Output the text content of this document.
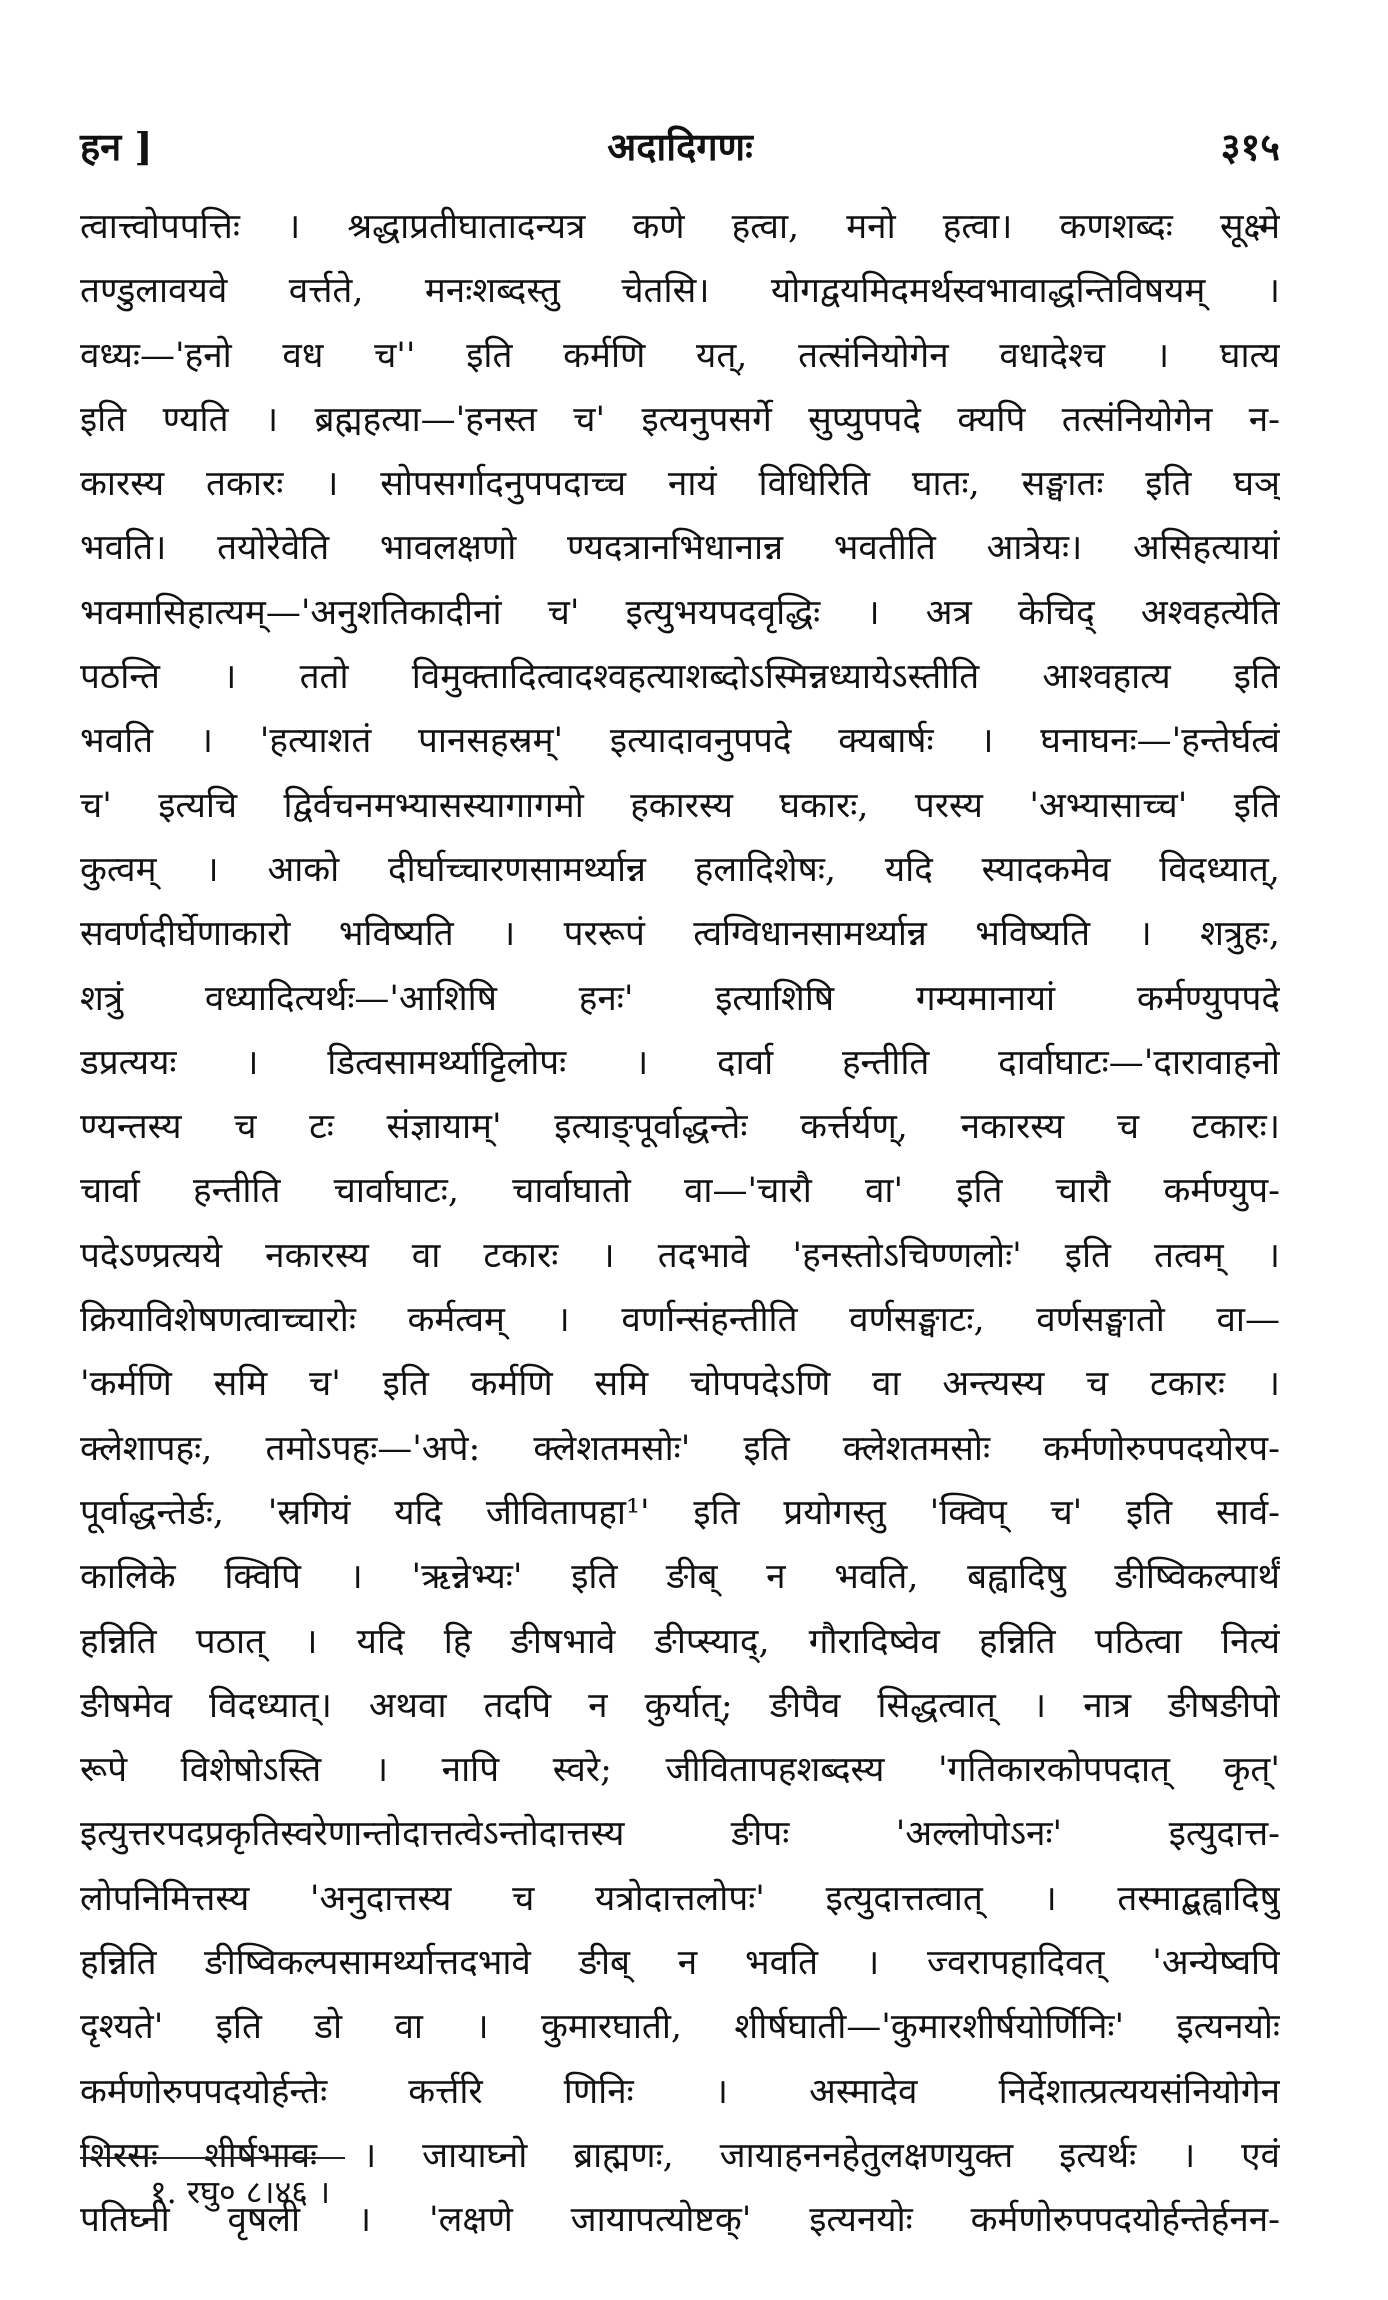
हन ]	अदादिगणः	३१५
त्वात्त्वोपपत्तिः । श्रद्धाप्रतीघातादन्यत्र कणे हत्वा, मनो हत्वा। कणशब्दः सूक्ष्मे
तण्डुलावयवे वर्त्तते, मनःशब्दस्तु चेतसि। योगद्वयमिदमर्थस्वभावाद्धन्तिविषयम् ।
वध्यः—'हनो वध च'' इति कर्मणि यत्, तत्संनियोगेन वधादेश्च । घात्य
इति ण्यति । ब्रह्महत्या—'हनस्त च' इत्यनुपसर्गे सुप्युपपदे क्यपि तत्संनियोगेन न-
कारस्य तकारः । सोपसर्गादनुपपदाच्च नायं विधिरिति घातः, सङ्घातः इति घञ्
भवति। तयोरेवेति भावलक्षणो ण्यदत्रानभिधानान्न भवतीति आत्रेयः। असिहत्यायां
भवमासिहात्यम्—'अनुशतिकादीनां च' इत्युभयपदवृद्धिः । अत्र केचिद् अश्वहत्येति
पठन्ति । ततो विमुक्तादित्वादश्वहत्याशब्दोऽस्मिन्नध्यायेऽस्तीति आश्वहात्य इति
भवति । 'हत्याशतं पानसहस्रम्' इत्यादावनुपपदे क्यबार्षः । घनाघनः—'हन्तेर्घत्वं
च' इत्यचि द्विर्वचनमभ्यासस्यागागमो हकारस्य घकारः, परस्य 'अभ्यासाच्च' इति
कुत्वम् । आको दीर्घाच्चारणसामर्थ्यान्न हलादिशेषः, यदि स्यादकमेव विदध्यात्,
सवर्णदीर्घेणाकारो भविष्यति । पररूपं त्वग्विधानसामर्थ्यान्न भविष्यति । शत्रुहः,
शत्रुं वध्यादित्यर्थः—'आशिषि हनः' इत्याशिषि गम्यमानायां कर्मण्युपपदे
डप्रत्ययः । डित्वसामर्थ्याट्टिलोपः । दार्वा हन्तीति दार्वाघाटः—'दारावाहनो
ण्यन्तस्य च टः संज्ञायाम्' इत्याङ्पूर्वाद्धन्तेः कर्त्तर्यण्, नकारस्य च टकारः।
चार्वा हन्तीति चार्वाघाटः, चार्वाघातो वा—'चारौ वा' इति चारौ कर्मण्युप-
पदेऽण्प्रत्यये नकारस्य वा टकारः । तदभावे 'हनस्तोऽचिण्णलोः' इति तत्वम् ।
क्रियाविशेषणत्वाच्चारोः कर्मत्वम् । वर्णान्संहन्तीति वर्णसङ्घाटः, वर्णसङ्घातो वा—
'कर्मणि समि च' इति कर्मणि समि चोपपदेऽणि वा अन्त्यस्य च टकारः ।
क्लेशापहः, तमोऽपहः—'अपे: क्लेशतमसोः' इति क्लेशतमसोः कर्मणोरुपपदयोरप-
पूर्वाद्धन्तेर्डः, 'स्रगियं यदि जीवितापहा¹' इति प्रयोगस्तु 'क्विप् च' इति सार्व-
कालिके क्विपि । 'ऋन्नेभ्यः' इति ङीब् न भवति, बह्वादिषु ङीष्विकल्पार्थं
हन्निति पठात् । यदि हि ङीषभावे ङीप्स्याद्, गौरादिष्वेव हन्निति पठित्वा नित्यं
ङीषमेव विदध्यात्। अथवा तदपि न कुर्यात्; ङीपैव सिद्धत्वात् । नात्र ङीषङीपो
रूपे विशेषोऽस्ति । नापि स्वरे; जीवितापहशब्दस्य 'गतिकारकोपपदात् कृत्'
इत्युत्तरपदप्रकृतिस्वरेणान्तोदात्तत्वेऽन्तोदात्तस्य ङीपः 'अल्लोपोऽनः' इत्युदात्त-
लोपनिमित्तस्य 'अनुदात्तस्य च यत्रोदात्तलोपः' इत्युदात्तत्वात् । तस्माद्बह्वादिषु
हन्निति ङीष्विकल्पसामर्थ्यात्तदभावे ङीब् न भवति । ज्वरापहादिवत् 'अन्येष्वपि
दृश्यते' इति डो वा । कुमारघाती, शीर्षघाती—'कुमारशीर्षयोर्णिनिः' इत्यनयोः
कर्मणोरुपपदयोर्हन्तेः कर्त्तरि णिनिः । अस्मादेव निर्देशात्प्रत्ययसंनियोगेन
शिरसः शीर्षभावः । जायाघ्नो ब्राह्मणः, जायाहननहेतुलक्षणयुक्त इत्यर्थः । एवं
पतिघ्नी वृषली । 'लक्षणे जायापत्योष्टक्' इत्यनयोः कर्मणोरुपपदयोर्हन्तेर्हनन-
१. रघु० ८।४६ ।
